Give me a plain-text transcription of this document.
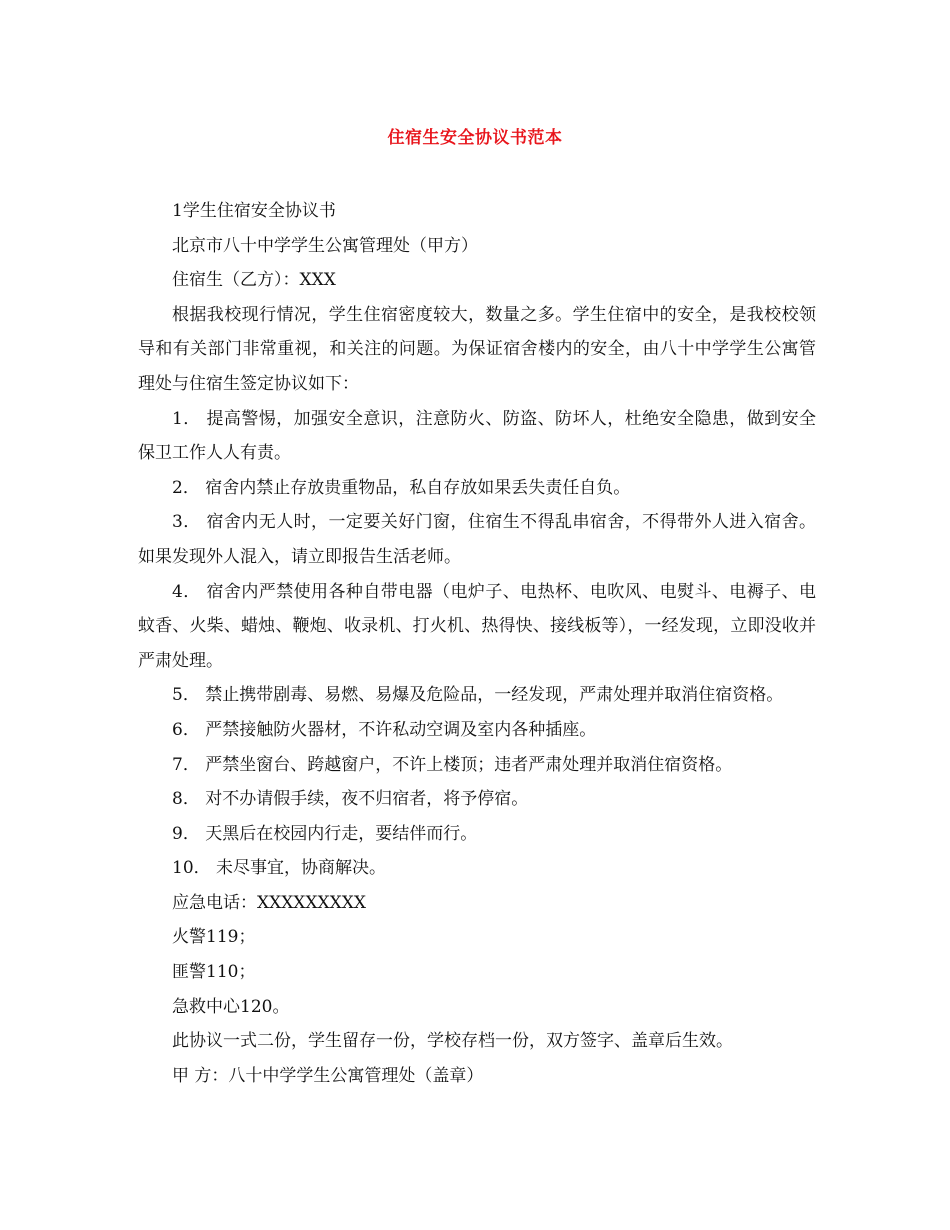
住宿生安全协议书范本

1学生住宿安全协议书

北京市八十中学学生公寓管理处（甲方）

住宿生（乙方）：XXX

根据我校现行情况，学生住宿密度较大，数量之多。学生住宿中的安全，是我校校领导和有关部门非常重视，和关注的问题。为保证宿舍楼内的安全，由八十中学学生公寓管理处与住宿生签定协议如下：

1． 提高警惕，加强安全意识，注意防火、防盗、防坏人，杜绝安全隐患，做到安全保卫工作人人有责。

2． 宿舍内禁止存放贵重物品，私自存放如果丢失责任自负。

3． 宿舍内无人时，一定要关好门窗，住宿生不得乱串宿舍，不得带外人进入宿舍。如果发现外人混入，请立即报告生活老师。

4． 宿舍内严禁使用各种自带电器（电炉子、电热杯、电吹风、电熨斗、电褥子、电蚊香、火柴、蜡烛、鞭炮、收录机、打火机、热得快、接线板等），一经发现，立即没收并严肃处理。

5． 禁止携带剧毒、易燃、易爆及危险品，一经发现，严肃处理并取消住宿资格。

6． 严禁接触防火器材，不许私动空调及室内各种插座。

7． 严禁坐窗台、跨越窗户，不许上楼顶；违者严肃处理并取消住宿资格。

8． 对不办请假手续，夜不归宿者，将予停宿。

9． 天黑后在校园内行走，要结伴而行。

10． 未尽事宜，协商解决。

应急电话：XXXXXXXXX

火警119；

匪警110；

急救中心120。

此协议一式二份，学生留存一份，学校存档一份，双方签字、盖章后生效。

甲 方：八十中学学生公寓管理处（盖章）
